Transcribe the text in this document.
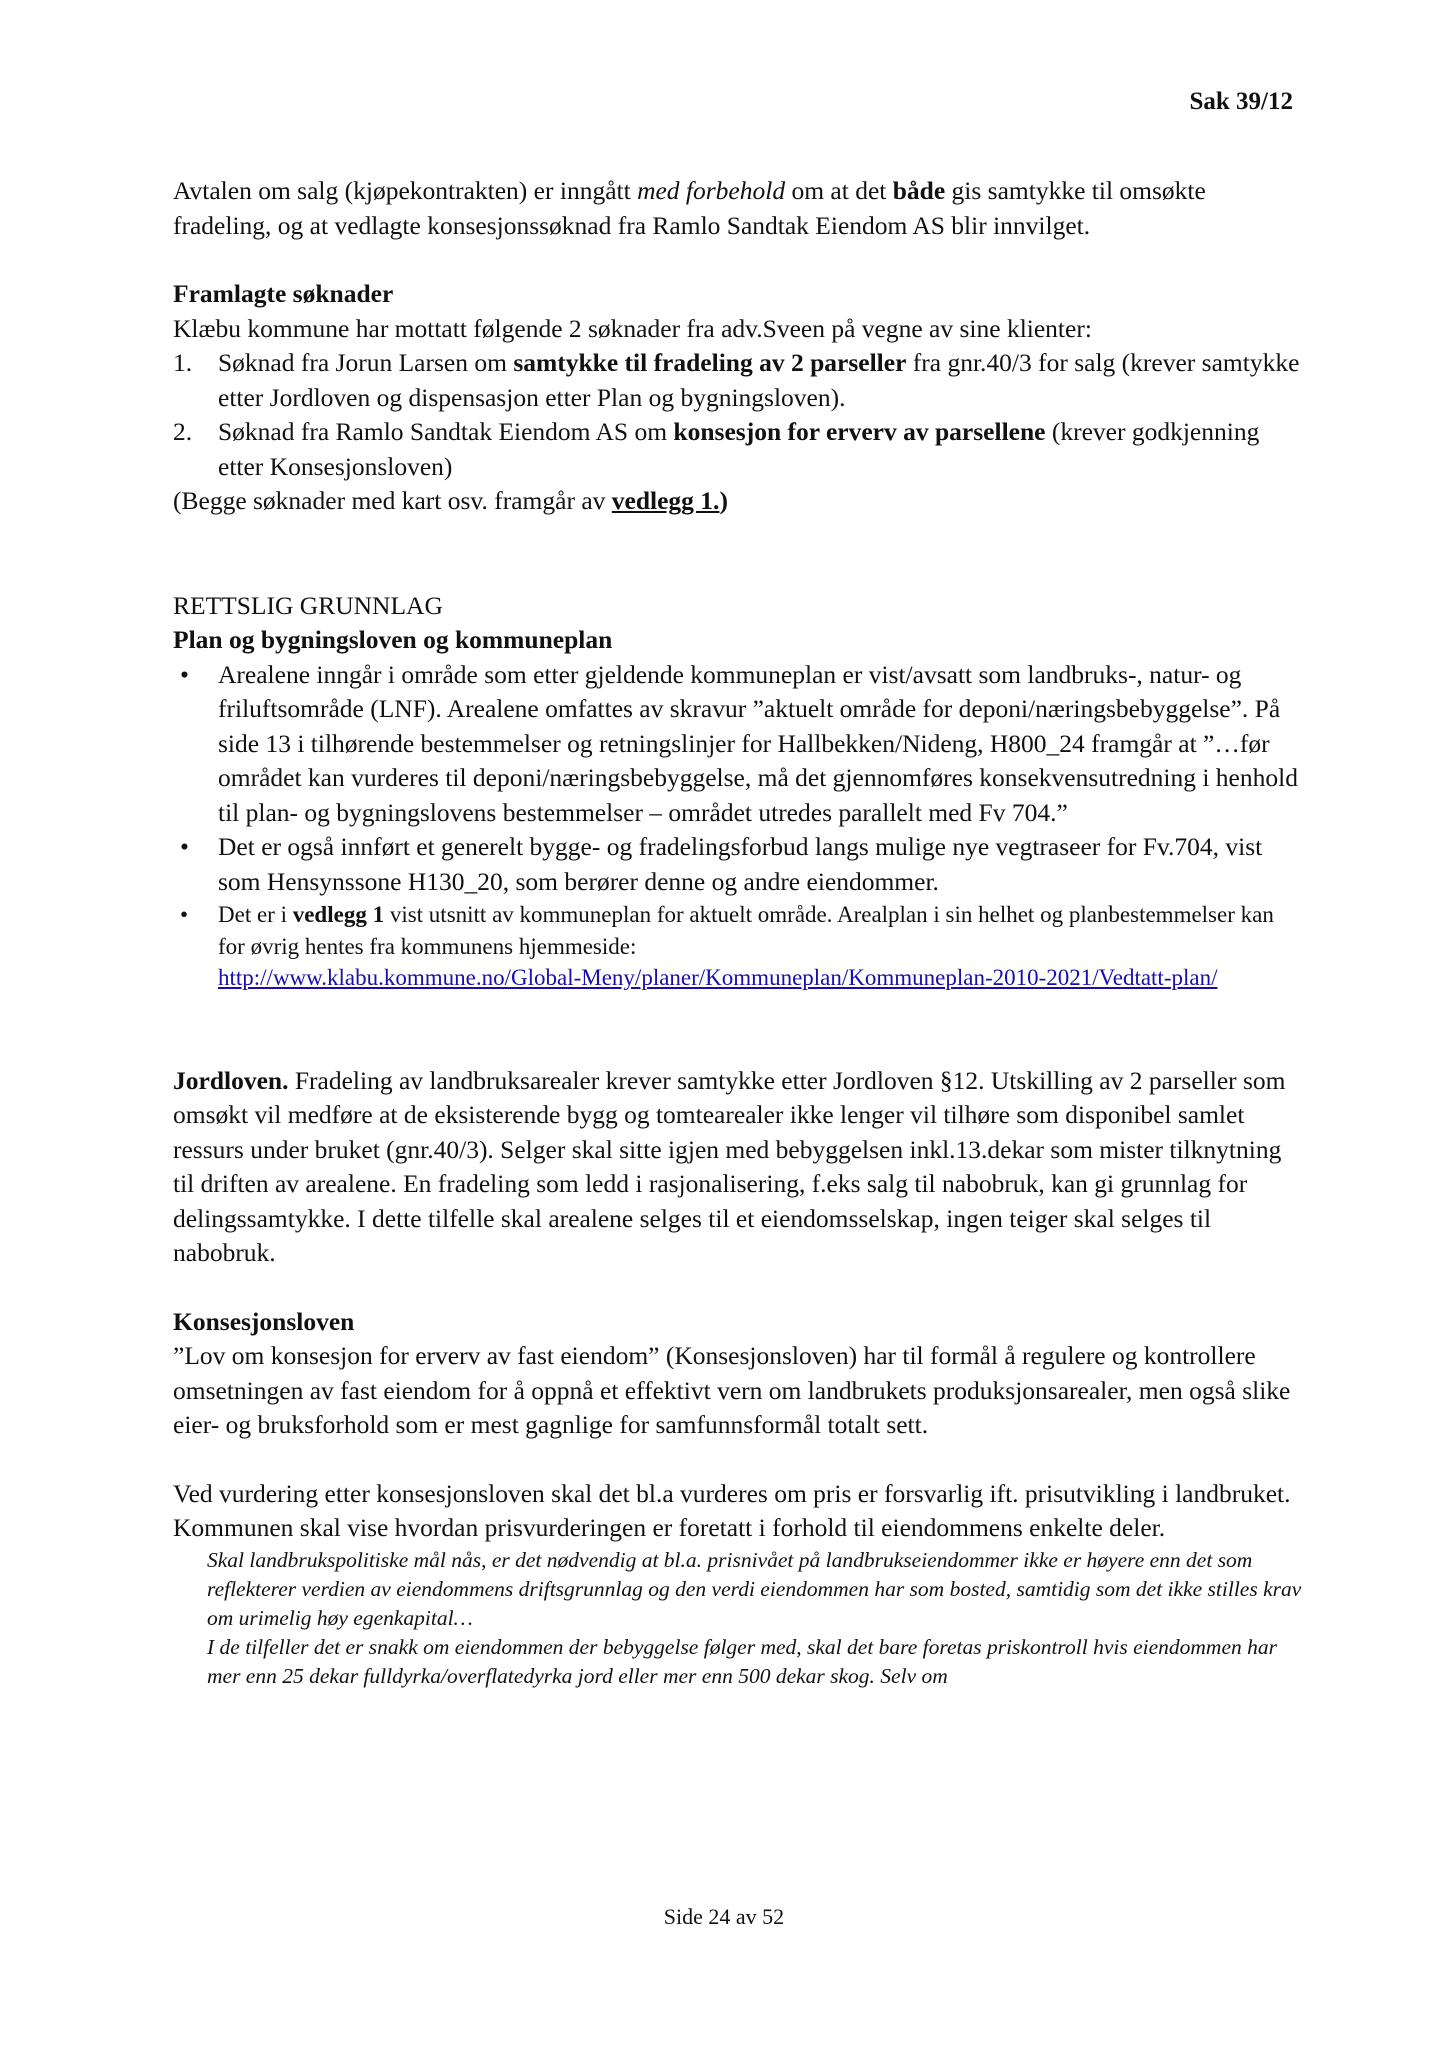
Sak 39/12

Avtalen om salg (kjøpekontrakten) er inngått med forbehold om at det både gis samtykke til omsøkte fradeling, og at vedlagte konsesjonssøknad fra Ramlo Sandtak Eiendom AS blir innvilget.

Framlagte søknader

Klæbu kommune har mottatt følgende 2 søknader fra adv.Sveen på vegne av sine klienter:

1. Søknad fra Jorun Larsen om samtykke til fradeling av 2 parseller fra gnr.40/3 for salg (krever samtykke etter Jordloven og dispensasjon etter Plan og bygningsloven).
2. Søknad fra Ramlo Sandtak Eiendom AS om konsesjon for erverv av parsellene (krever godkjenning etter Konsesjonsloven)

(Begge søknader med kart osv. framgår av vedlegg 1.)

RETTSLIG GRUNNLAG

Plan og bygningsloven og kommuneplan

• Arealene inngår i område som etter gjeldende kommuneplan er vist/avsatt som landbruks-, natur- og friluftsområde (LNF). Arealene omfattes av skravur ”aktuelt område for deponi/næringsbebyggelse”. På side 13 i tilhørende bestemmelser og retningslinjer for Hallbekken/Nideng, H800_24 framgår at ”…før området kan vurderes til deponi/næringsbebyggelse, må det gjennomføres konsekvensutredning i henhold til plan- og bygningslovens bestemmelser – området utredes parallelt med Fv 704.”
• Det er også innført et generelt bygge- og fradelingsforbud langs mulige nye vegtraseer for Fv.704, vist som Hensynssone H130_20, som berører denne og andre eiendommer.
• Det er i vedlegg 1 vist utsnitt av kommuneplan for aktuelt område. Arealplan i sin helhet og planbestemmelser kan for øvrig hentes fra kommunens hjemmeside:
http://www.klabu.kommune.no/Global-Meny/planer/Kommuneplan/Kommuneplan-2010-2021/Vedtatt-plan/

Jordloven. Fradeling av landbruksarealer krever samtykke etter Jordloven §12. Utskilling av 2 parseller som omsøkt vil medføre at de eksisterende bygg og tomtearealer ikke lenger vil tilhøre som disponibel samlet ressurs under bruket (gnr.40/3). Selger skal sitte igjen med bebyggelsen inkl.13.dekar som mister tilknytning til driften av arealene. En fradeling som ledd i rasjonalisering, f.eks salg til nabobruk, kan gi grunnlag for delingssamtykke. I dette tilfelle skal arealene selges til et eiendomsselskap, ingen teiger skal selges til nabobruk.

Konsesjonsloven

”Lov om konsesjon for erverv av fast eiendom” (Konsesjonsloven) har til formål å regulere og kontrollere omsetningen av fast eiendom for å oppnå et effektivt vern om landbrukets produksjonsarealer, men også slike eier- og bruksforhold som er mest gagnlige for samfunnsformål totalt sett.

Ved vurdering etter konsesjonsloven skal det bl.a vurderes om pris er forsvarlig ift. prisutvikling i landbruket. Kommunen skal vise hvordan prisvurderingen er foretatt i forhold til eiendommens enkelte deler.

Skal landbrukspolitiske mål nås, er det nødvendig at bl.a. prisnivået på landbrukseiendommer ikke er høyere enn det som reflekterer verdien av eiendommens driftsgrunnlag og den verdi eiendommen har som bosted, samtidig som det ikke stilles krav om urimelig høy egenkapital…

I de tilfeller det er snakk om eiendommen der bebyggelse følger med, skal det bare foretas priskontroll hvis eiendommen har mer enn 25 dekar fulldyrka/overflatedyrka jord eller mer enn 500 dekar skog. Selv om

Side 24 av 52
